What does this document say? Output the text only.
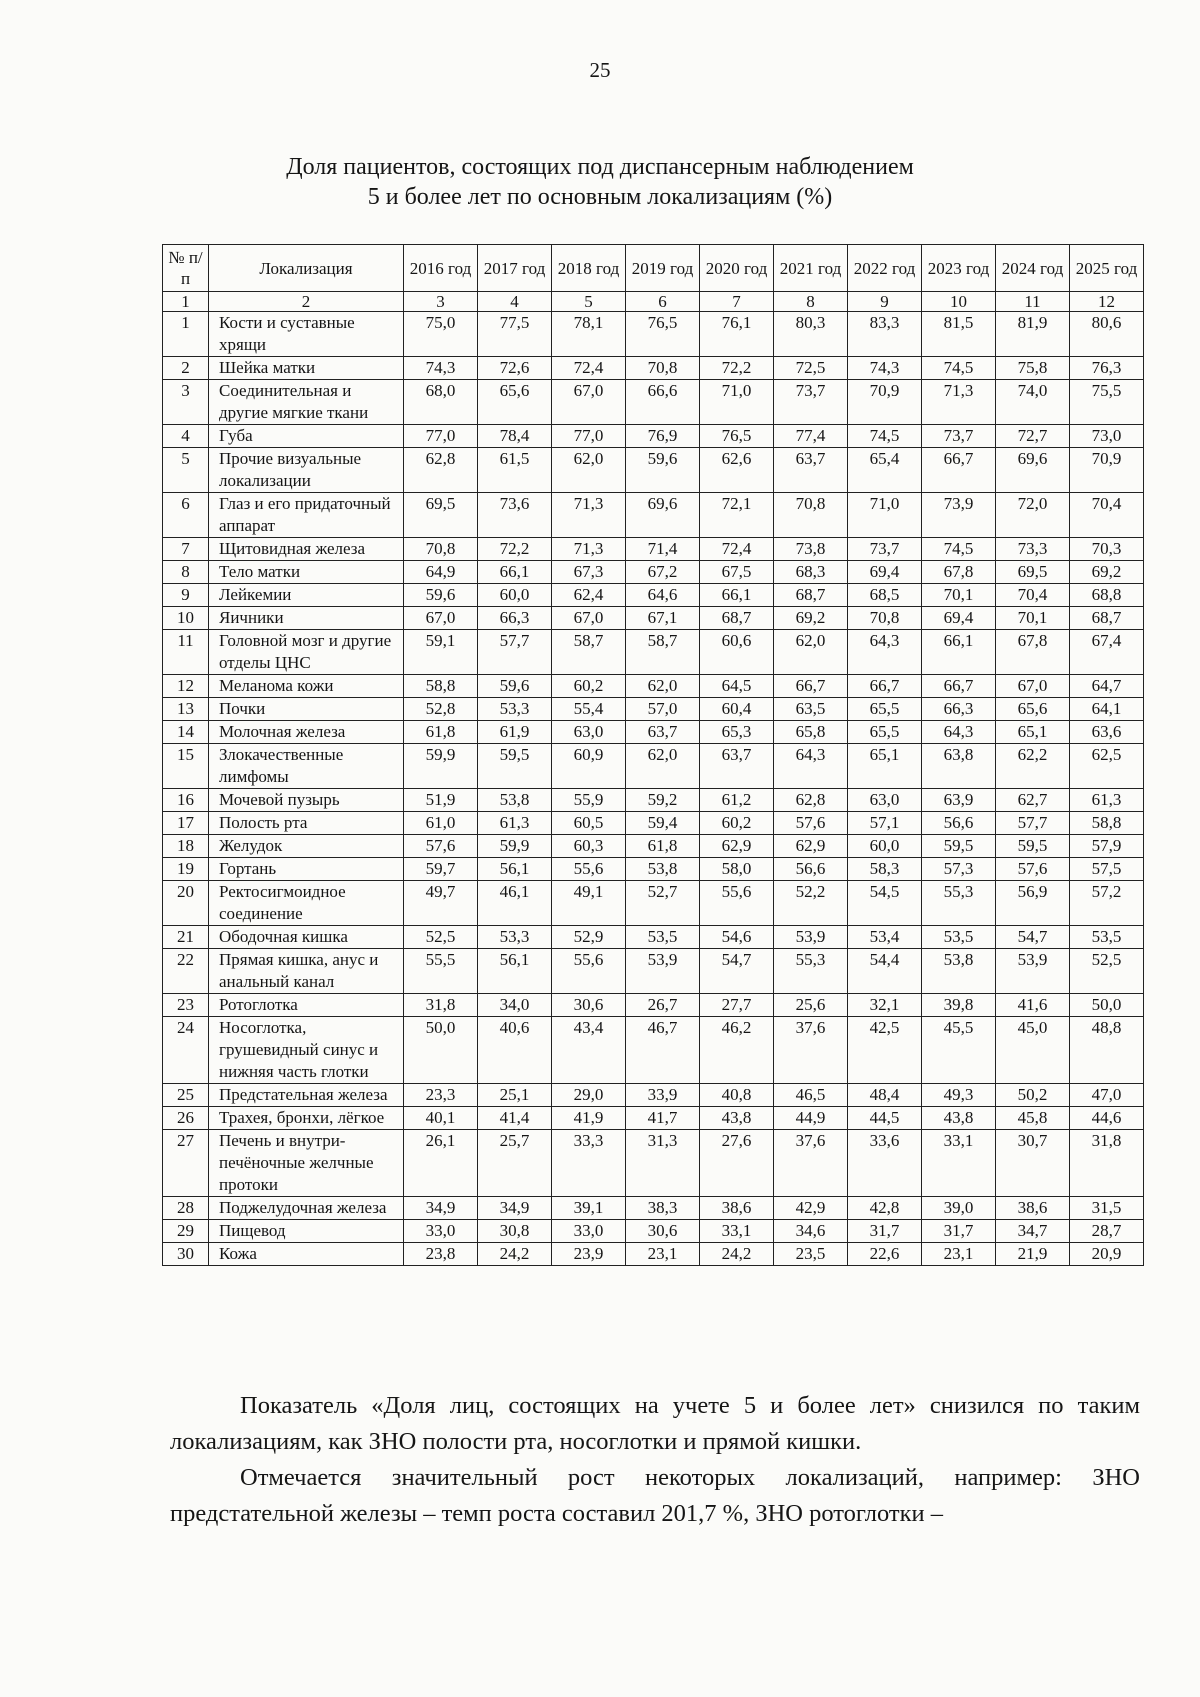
25
Доля пациентов, состоящих под диспансерным наблюдением
5 и более лет по основным локализациям (%)
№ п/п	Локализация	2016 год	2017 год	2018 год	2019 год	2020 год	2021 год	2022 год	2023 год	2024 год	2025 год
1	2	3	4	5	6	7	8	9	10	11	12
1	Кости и суставные хрящи	75,0	77,5	78,1	76,5	76,1	80,3	83,3	81,5	81,9	80,6
2	Шейка матки	74,3	72,6	72,4	70,8	72,2	72,5	74,3	74,5	75,8	76,3
3	Соединительная и другие мягкие ткани	68,0	65,6	67,0	66,6	71,0	73,7	70,9	71,3	74,0	75,5
4	Губа	77,0	78,4	77,0	76,9	76,5	77,4	74,5	73,7	72,7	73,0
5	Прочие визуальные локализации	62,8	61,5	62,0	59,6	62,6	63,7	65,4	66,7	69,6	70,9
6	Глаз и его придаточный аппарат	69,5	73,6	71,3	69,6	72,1	70,8	71,0	73,9	72,0	70,4
7	Щитовидная железа	70,8	72,2	71,3	71,4	72,4	73,8	73,7	74,5	73,3	70,3
8	Тело матки	64,9	66,1	67,3	67,2	67,5	68,3	69,4	67,8	69,5	69,2
9	Лейкемии	59,6	60,0	62,4	64,6	66,1	68,7	68,5	70,1	70,4	68,8
10	Яичники	67,0	66,3	67,0	67,1	68,7	69,2	70,8	69,4	70,1	68,7
11	Головной мозг и другие отделы ЦНС	59,1	57,7	58,7	58,7	60,6	62,0	64,3	66,1	67,8	67,4
12	Меланома кожи	58,8	59,6	60,2	62,0	64,5	66,7	66,7	66,7	67,0	64,7
13	Почки	52,8	53,3	55,4	57,0	60,4	63,5	65,5	66,3	65,6	64,1
14	Молочная железа	61,8	61,9	63,0	63,7	65,3	65,8	65,5	64,3	65,1	63,6
15	Злокачественные лимфомы	59,9	59,5	60,9	62,0	63,7	64,3	65,1	63,8	62,2	62,5
16	Мочевой пузырь	51,9	53,8	55,9	59,2	61,2	62,8	63,0	63,9	62,7	61,3
17	Полость рта	61,0	61,3	60,5	59,4	60,2	57,6	57,1	56,6	57,7	58,8
18	Желудок	57,6	59,9	60,3	61,8	62,9	62,9	60,0	59,5	59,5	57,9
19	Гортань	59,7	56,1	55,6	53,8	58,0	56,6	58,3	57,3	57,6	57,5
20	Ректосигмоидное соединение	49,7	46,1	49,1	52,7	55,6	52,2	54,5	55,3	56,9	57,2
21	Ободочная кишка	52,5	53,3	52,9	53,5	54,6	53,9	53,4	53,5	54,7	53,5
22	Прямая кишка, анус и анальный канал	55,5	56,1	55,6	53,9	54,7	55,3	54,4	53,8	53,9	52,5
23	Ротоглотка	31,8	34,0	30,6	26,7	27,7	25,6	32,1	39,8	41,6	50,0
24	Носоглотка, грушевидный синус и нижняя часть глотки	50,0	40,6	43,4	46,7	46,2	37,6	42,5	45,5	45,0	48,8
25	Предстательная железа	23,3	25,1	29,0	33,9	40,8	46,5	48,4	49,3	50,2	47,0
26	Трахея, бронхи, лёгкое	40,1	41,4	41,9	41,7	43,8	44,9	44,5	43,8	45,8	44,6
27	Печень и внутри-печёночные желчные протоки	26,1	25,7	33,3	31,3	27,6	37,6	33,6	33,1	30,7	31,8
28	Поджелудочная железа	34,9	34,9	39,1	38,3	38,6	42,9	42,8	39,0	38,6	31,5
29	Пищевод	33,0	30,8	33,0	30,6	33,1	34,6	31,7	31,7	34,7	28,7
30	Кожа	23,8	24,2	23,9	23,1	24,2	23,5	22,6	23,1	21,9	20,9

Показатель «Доля лиц, состоящих на учете 5 и более лет» снизился по таким локализациям, как ЗНО полости рта, носоглотки и прямой кишки.

Отмечается значительный рост некоторых локализаций, например: ЗНО предстательной железы – темп роста составил 201,7 %, ЗНО ротоглотки –
